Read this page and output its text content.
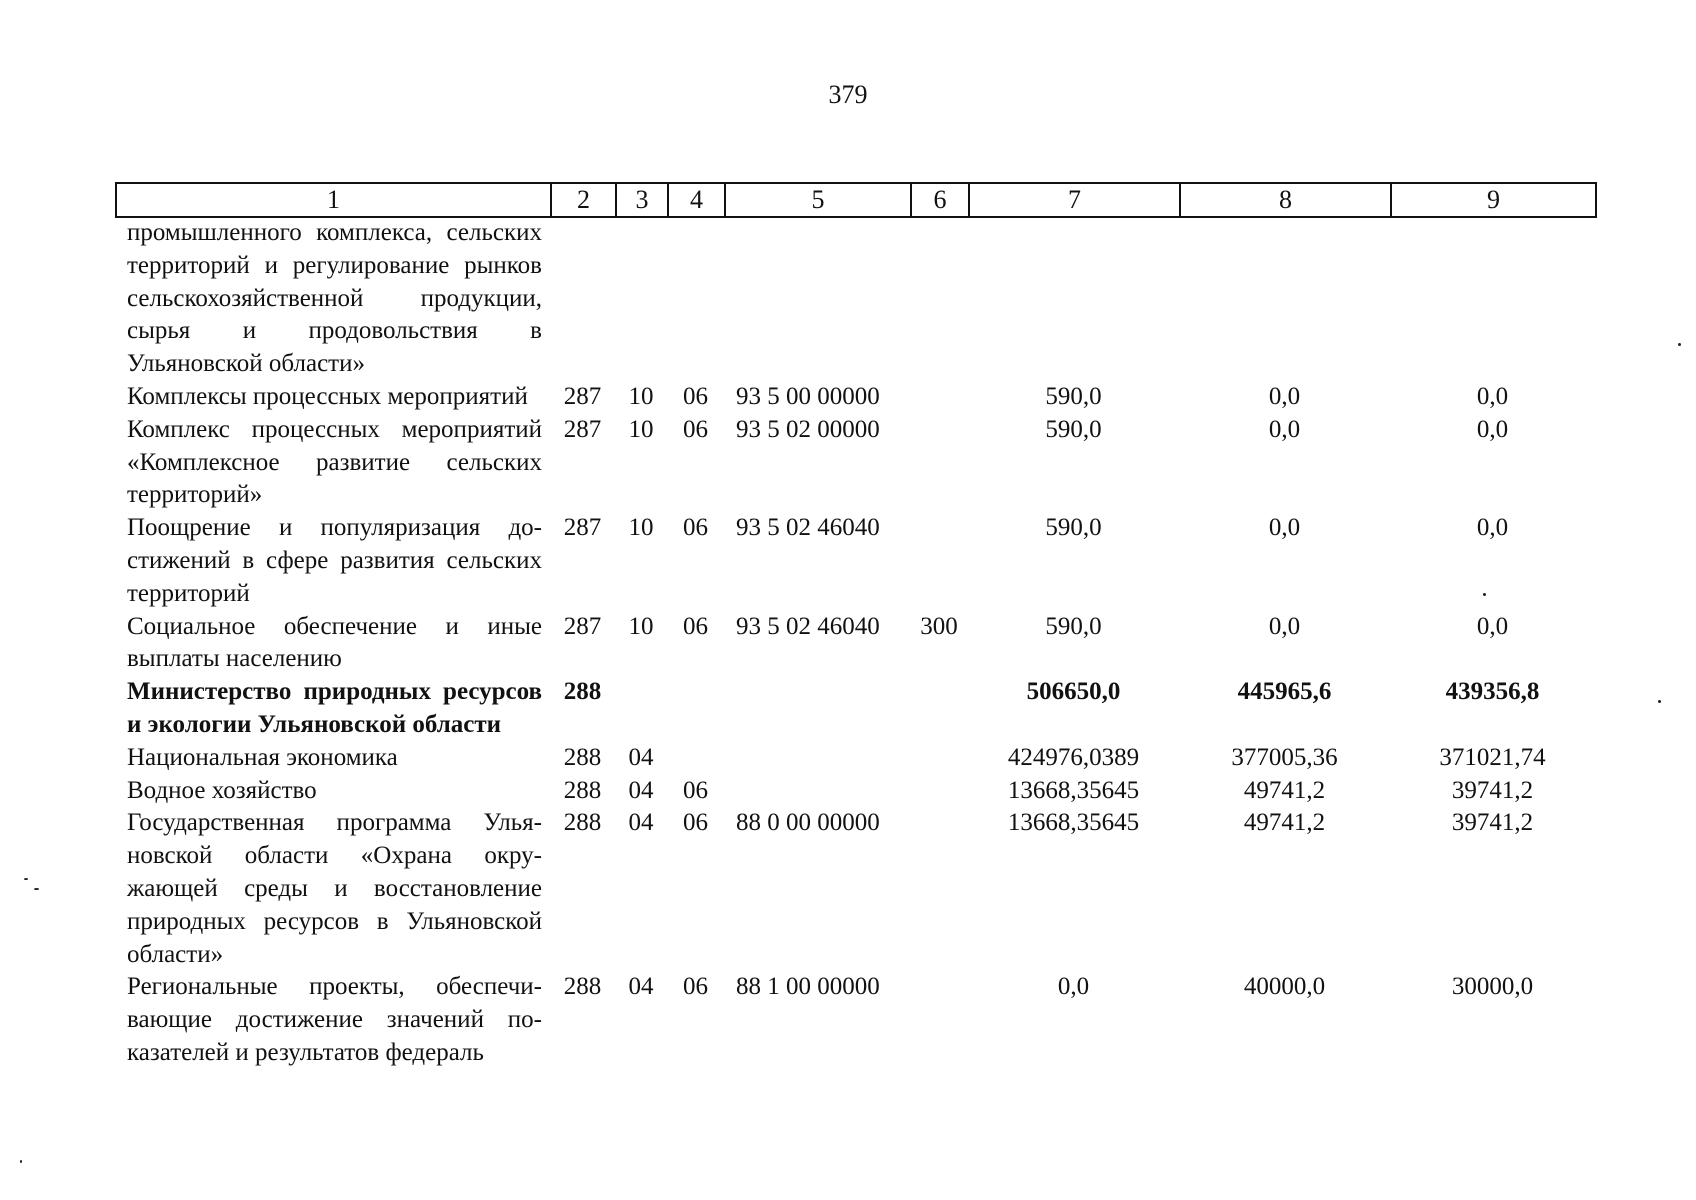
379
1	2	3	4	5	6	7	8	9
промышленного комплекса, сельских территорий и регулирование рынков сельскохозяйственной продукции, сырья и продовольствия в Ульяновской области»								
Комплексы процессных мероприятий	287	10	06	93 5 00 00000		590,0	0,0	0,0
Комплекс процессных мероприятий «Комплексное развитие сельских территорий»	287	10	06	93 5 02 00000		590,0	0,0	0,0
Поощрение и популяризация достижений в сфере развития сельских территорий	287	10	06	93 5 02 46040		590,0	0,0	0,0
Социальное обеспечение и иные выплаты населению	287	10	06	93 5 02 46040	300	590,0	0,0	0,0
Министерство природных ресурсов и экологии Ульяновской области	288					506650,0	445965,6	439356,8
Национальная экономика	288	04				424976,0389	377005,36	371021,74
Водное хозяйство	288	04	06			13668,35645	49741,2	39741,2
Государственная программа Ульяновской области «Охрана окружающей среды и восстановление природных ресурсов в Ульяновской области»	288	04	06	88 0 00 00000		13668,35645	49741,2	39741,2
Региональные проекты, обеспечивающие достижение значений показателей и результатов федераль	288	04	06	88 1 00 00000		0,0	40000,0	30000,0
